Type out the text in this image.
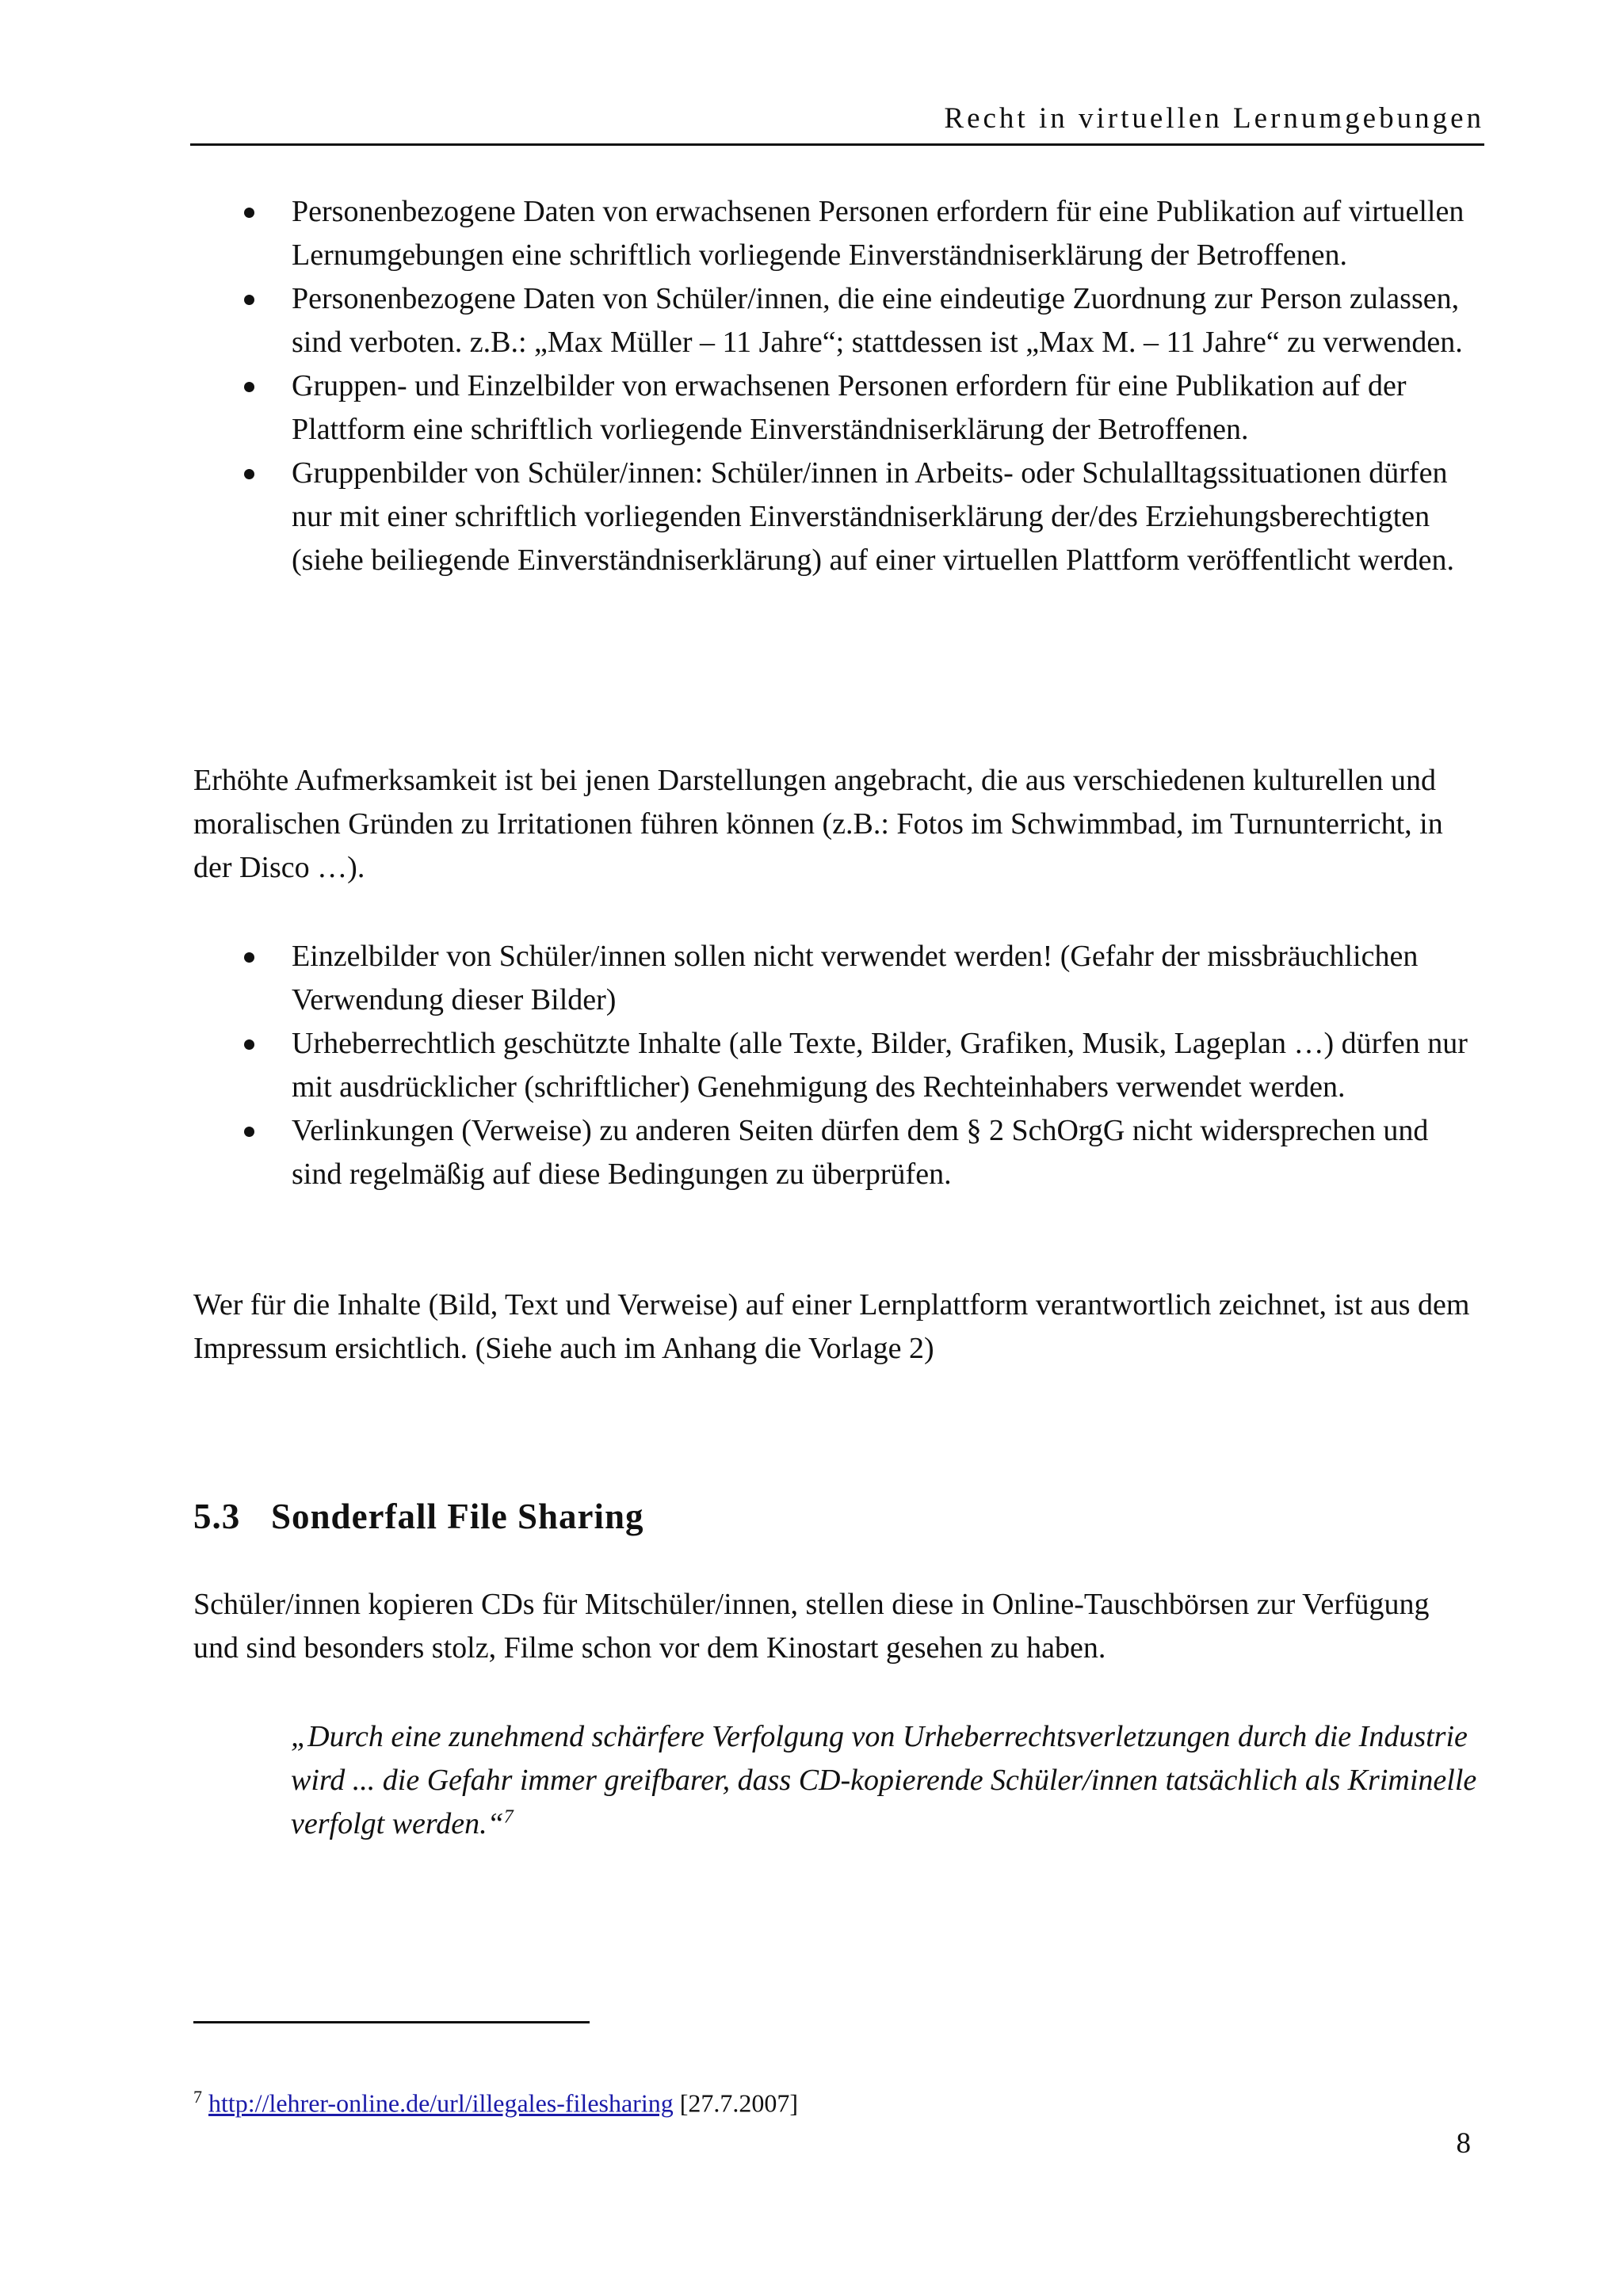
Recht in virtuellen Lernumgebungen
Personenbezogene Daten von erwachsenen Personen erfordern für eine Publikation auf virtuellen Lernumgebungen eine schriftlich vorliegende Einverständniserklärung der Betroffenen.
Personenbezogene Daten von Schüler/innen, die eine eindeutige Zuordnung zur Person zulassen, sind verboten. z.B.: „Max Müller – 11 Jahre“; stattdessen ist „Max M. – 11 Jahre“ zu verwenden.
Gruppen- und Einzelbilder von erwachsenen Personen erfordern für eine Publikation auf der Plattform eine schriftlich vorliegende Einverständniserklärung der Betroffenen.
Gruppenbilder von Schüler/innen: Schüler/innen in Arbeits- oder Schulalltagssituationen dürfen nur mit einer schriftlich vorliegenden Einverständniserklärung der/des Erziehungsberechtigten (siehe beiliegende Einverständniserklärung) auf einer virtuellen Plattform veröffentlicht werden.

Erhöhte Aufmerksamkeit ist bei jenen Darstellungen angebracht, die aus verschiedenen kulturellen und moralischen Gründen zu Irritationen führen können (z.B.: Fotos im Schwimmbad, im Turnunterricht, in der Disco …).

Einzelbilder von Schüler/innen sollen nicht verwendet werden! (Gefahr der missbräuchlichen Verwendung dieser Bilder)
Urheberrechtlich geschützte Inhalte (alle Texte, Bilder, Grafiken, Musik, Lageplan …) dürfen nur mit ausdrücklicher (schriftlicher) Genehmigung des Rechteinhabers verwendet werden.
Verlinkungen (Verweise) zu anderen Seiten dürfen dem § 2 SchOrgG nicht widersprechen und sind regelmäßig auf diese Bedingungen zu überprüfen.

Wer für die Inhalte (Bild, Text und Verweise) auf einer Lernplattform verantwortlich zeichnet, ist aus dem Impressum ersichtlich. (Siehe auch im Anhang die Vorlage 2)

5.3 Sonderfall File Sharing

Schüler/innen kopieren CDs für Mitschüler/innen, stellen diese in Online-Tauschbörsen zur Verfügung und sind besonders stolz, Filme schon vor dem Kinostart gesehen zu haben.

„Durch eine zunehmend schärfere Verfolgung von Urheberrechtsverletzungen durch die Industrie wird ... die Gefahr immer greifbarer, dass CD-kopierende Schüler/innen tatsächlich als Kriminelle verfolgt werden.“$^7$

$^7$ http://lehrer-online.de/url/illegales-filesharing [27.7.2007]
8
